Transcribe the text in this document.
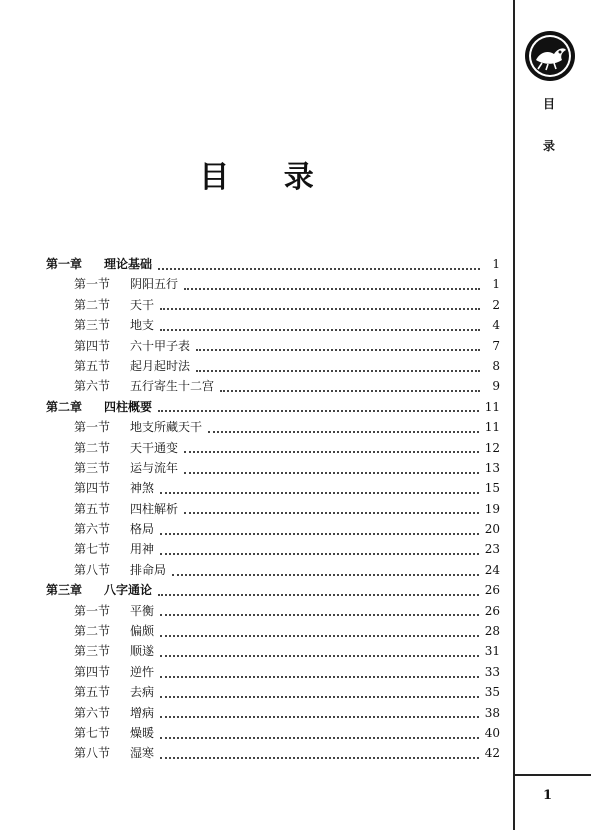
目
录
目 录
第一章	理论基础	1
第一节	阴阳五行	1
第二节	天干	2
第三节	地支	4
第四节	六十甲子表	7
第五节	起月起时法	8
第六节	五行寄生十二宫	9
第二章	四柱概要	11
第一节	地支所藏天干	11
第二节	天干通变	12
第三节	运与流年	13
第四节	神煞	15
第五节	四柱解析	19
第六节	格局	20
第七节	用神	23
第八节	排命局	24
第三章	八字通论	26
第一节	平衡	26
第二节	偏颇	28
第三节	顺遂	31
第四节	逆忤	33
第五节	去病	35
第六节	增病	38
第七节	燥暖	40
第八节	湿寒	42
1
